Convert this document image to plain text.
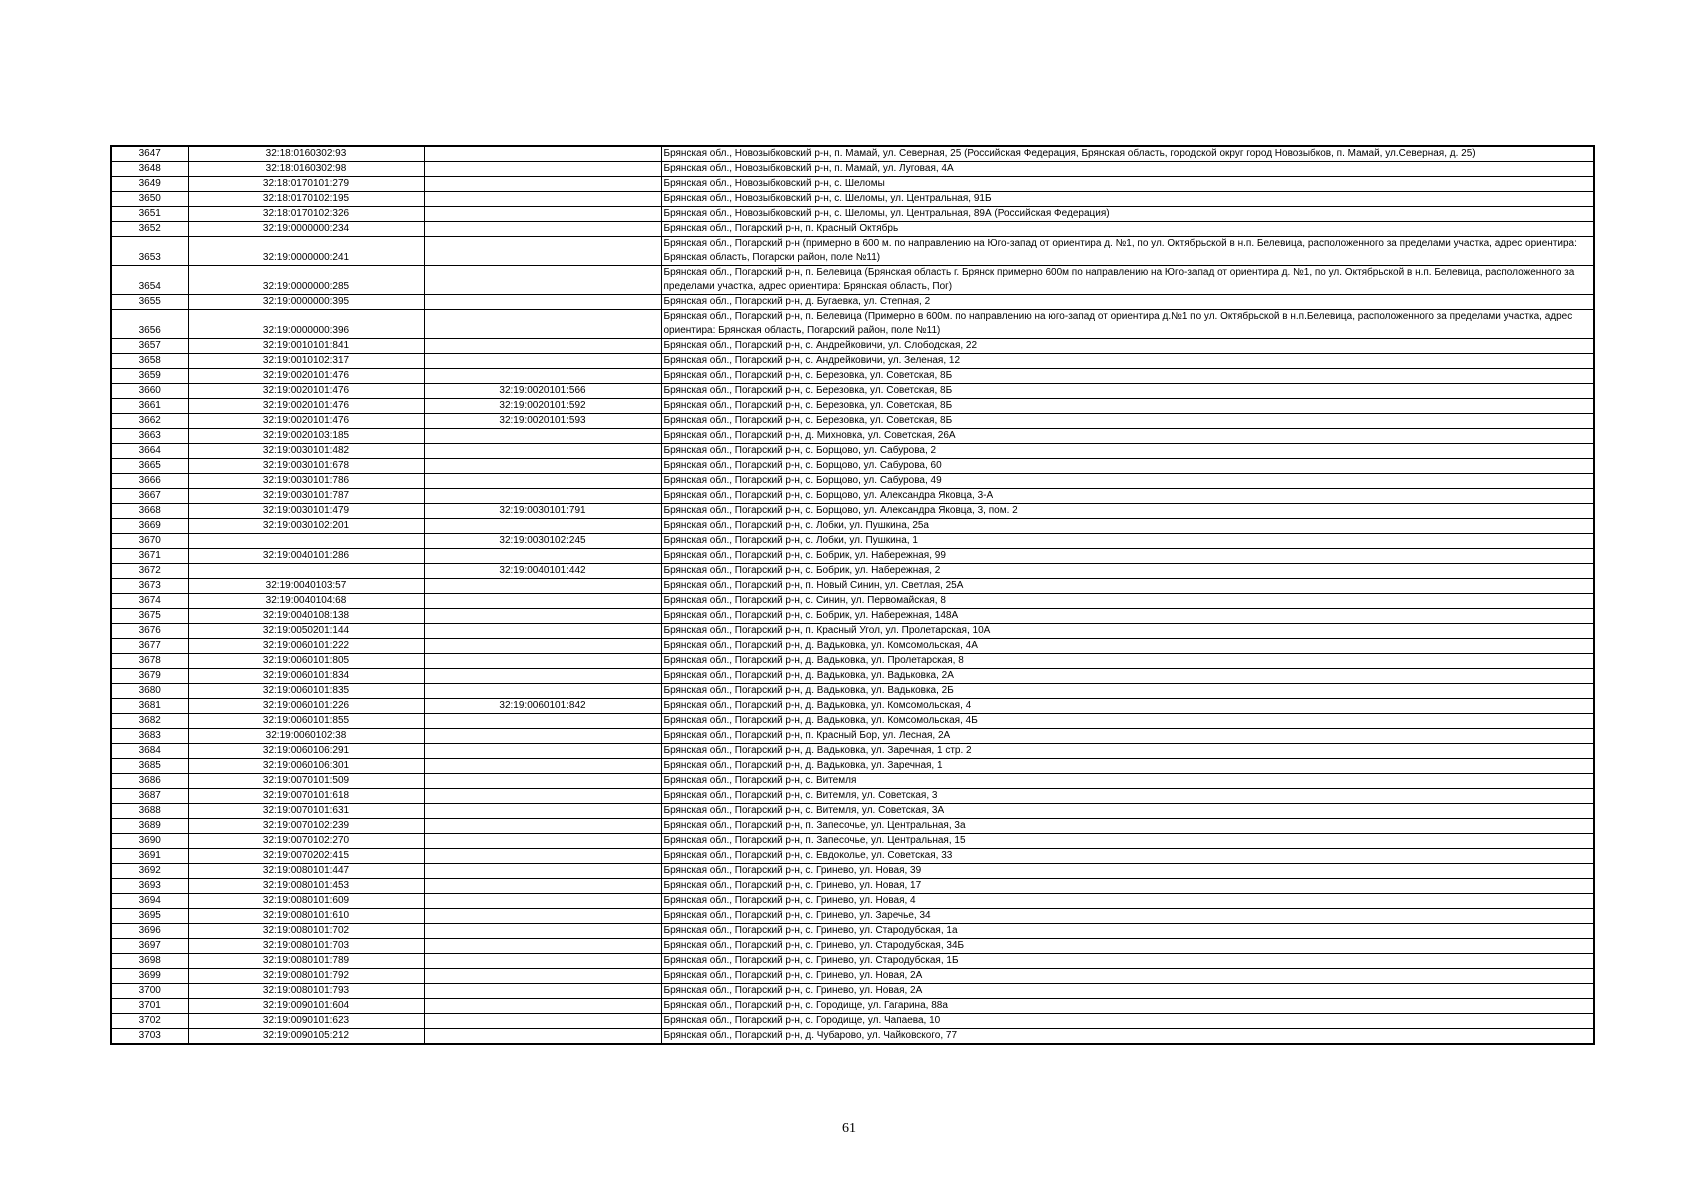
3647	32:18:0160302:93		Брянская обл., Новозыбковский р-н, п. Мамай, ул. Северная, 25 (Российская Федерация, Брянская область, городской округ город Новозыбков, п. Мамай, ул.Северная, д. 25)
3648	32:18:0160302:98		Брянская обл., Новозыбковский р-н, п. Мамай, ул. Луговая, 4А
3649	32:18:0170101:279		Брянская обл., Новозыбковский р-н, с. Шеломы
3650	32:18:0170102:195		Брянская обл., Новозыбковский р-н, с. Шеломы, ул. Центральная, 91Б
3651	32:18:0170102:326		Брянская обл., Новозыбковский р-н, с. Шеломы, ул. Центральная, 89А (Российская Федерация)
3652	32:19:0000000:234		Брянская обл., Погарский р-н, п. Красный Октябрь
3653	32:19:0000000:241		Брянская обл., Погарский р-н (примерно в 600 м. по направлению на Юго-запад от ориентира д. №1, по ул. Октябрьской в н.п. Белевица, расположенного за пределами участка, адрес ориентира: Брянская область, Погарски район, поле №11)
3654	32:19:0000000:285		Брянская обл., Погарский р-н, п. Белевица (Брянская область г. Брянск примерно 600м по направлению на Юго-запад от ориентира д. №1, по ул. Октябрьской в н.п. Белевица, расположенного за пределами участка, адрес ориентира: Брянская область, Пог)
3655	32:19:0000000:395		Брянская обл., Погарский р-н, д. Бугаевка, ул. Степная, 2
3656	32:19:0000000:396		Брянская обл., Погарский р-н, п. Белевица (Примерно в 600м. по направлению на юго-запад от ориентира д.№1 по ул. Октябрьской в н.п.Белевица, расположенного за пределами участка, адрес ориентира: Брянская область, Погарский район, поле №11)
3657	32:19:0010101:841		Брянская обл., Погарский р-н, с. Андрейковичи, ул. Слободская, 22
3658	32:19:0010102:317		Брянская обл., Погарский р-н, с. Андрейковичи, ул. Зеленая, 12
3659	32:19:0020101:476		Брянская обл., Погарский р-н, с. Березовка, ул. Советская, 8Б
3660	32:19:0020101:476	32:19:0020101:566	Брянская обл., Погарский р-н, с. Березовка, ул. Советская, 8Б
3661	32:19:0020101:476	32:19:0020101:592	Брянская обл., Погарский р-н, с. Березовка, ул. Советская, 8Б
3662	32:19:0020101:476	32:19:0020101:593	Брянская обл., Погарский р-н, с. Березовка, ул. Советская, 8Б
3663	32:19:0020103:185		Брянская обл., Погарский р-н, д. Михновка, ул. Советская, 26А
3664	32:19:0030101:482		Брянская обл., Погарский р-н, с. Борщово, ул. Сабурова, 2
3665	32:19:0030101:678		Брянская обл., Погарский р-н, с. Борщово, ул. Сабурова, 60
3666	32:19:0030101:786		Брянская обл., Погарский р-н, с. Борщово, ул. Сабурова, 49
3667	32:19:0030101:787		Брянская обл., Погарский р-н, с. Борщово, ул. Александра Яковца, 3-А
3668	32:19:0030101:479	32:19:0030101:791	Брянская обл., Погарский р-н, с. Борщово, ул. Александра Яковца, 3, пом. 2
3669	32:19:0030102:201		Брянская обл., Погарский р-н, с. Лобки, ул. Пушкина, 25а
3670		32:19:0030102:245	Брянская обл., Погарский р-н, с. Лобки, ул. Пушкина, 1
3671	32:19:0040101:286		Брянская обл., Погарский р-н, с. Бобрик, ул. Набережная, 99
3672		32:19:0040101:442	Брянская обл., Погарский р-н, с. Бобрик, ул. Набережная, 2
3673	32:19:0040103:57		Брянская обл., Погарский р-н, п. Новый Синин, ул. Светлая, 25А
3674	32:19:0040104:68		Брянская обл., Погарский р-н, с. Синин, ул. Первомайская, 8
3675	32:19:0040108:138		Брянская обл., Погарский р-н, с. Бобрик, ул. Набережная, 148А
3676	32:19:0050201:144		Брянская обл., Погарский р-н, п. Красный Угол, ул. Пролетарская, 10А
3677	32:19:0060101:222		Брянская обл., Погарский р-н, д. Вадьковка, ул. Комсомольская, 4А
3678	32:19:0060101:805		Брянская обл., Погарский р-н, д. Вадьковка, ул. Пролетарская, 8
3679	32:19:0060101:834		Брянская обл., Погарский р-н, д. Вадьковка, ул. Вадьковка, 2А
3680	32:19:0060101:835		Брянская обл., Погарский р-н, д. Вадьковка, ул. Вадьковка, 2Б
3681	32:19:0060101:226	32:19:0060101:842	Брянская обл., Погарский р-н, д. Вадьковка, ул. Комсомольская, 4
3682	32:19:0060101:855		Брянская обл., Погарский р-н, д. Вадьковка, ул. Комсомольская, 4Б
3683	32:19:0060102:38		Брянская обл., Погарский р-н, п. Красный Бор, ул. Лесная, 2А
3684	32:19:0060106:291		Брянская обл., Погарский р-н, д. Вадьковка, ул. Заречная, 1 стр. 2
3685	32:19:0060106:301		Брянская обл., Погарский р-н, д. Вадьковка, ул. Заречная, 1
3686	32:19:0070101:509		Брянская обл., Погарский р-н, с. Витемля
3687	32:19:0070101:618		Брянская обл., Погарский р-н, с. Витемля, ул. Советская, 3
3688	32:19:0070101:631		Брянская обл., Погарский р-н, с. Витемля, ул. Советская, 3А
3689	32:19:0070102:239		Брянская обл., Погарский р-н, п. Запесочье, ул. Центральная, 3а
3690	32:19:0070102:270		Брянская обл., Погарский р-н, п. Запесочье, ул. Центральная, 15
3691	32:19:0070202:415		Брянская обл., Погарский р-н, с. Евдоколье, ул. Советская, 33
3692	32:19:0080101:447		Брянская обл., Погарский р-н, с. Гринево, ул. Новая, 39
3693	32:19:0080101:453		Брянская обл., Погарский р-н, с. Гринево, ул. Новая, 17
3694	32:19:0080101:609		Брянская обл., Погарский р-н, с. Гринево, ул. Новая, 4
3695	32:19:0080101:610		Брянская обл., Погарский р-н, с. Гринево, ул. Заречье, 34
3696	32:19:0080101:702		Брянская обл., Погарский р-н, с. Гринево, ул. Стародубская, 1а
3697	32:19:0080101:703		Брянская обл., Погарский р-н, с. Гринево, ул. Стародубская, 34Б
3698	32:19:0080101:789		Брянская обл., Погарский р-н, с. Гринево, ул. Стародубская, 1Б
3699	32:19:0080101:792		Брянская обл., Погарский р-н, с. Гринево, ул. Новая, 2А
3700	32:19:0080101:793		Брянская обл., Погарский р-н, с. Гринево, ул. Новая, 2А
3701	32:19:0090101:604		Брянская обл., Погарский р-н, с. Городище, ул. Гагарина, 88а
3702	32:19:0090101:623		Брянская обл., Погарский р-н, с. Городище, ул. Чапаева, 10
3703	32:19:0090105:212		Брянская обл., Погарский р-н, д. Чубарово, ул. Чайковского, 77
61
